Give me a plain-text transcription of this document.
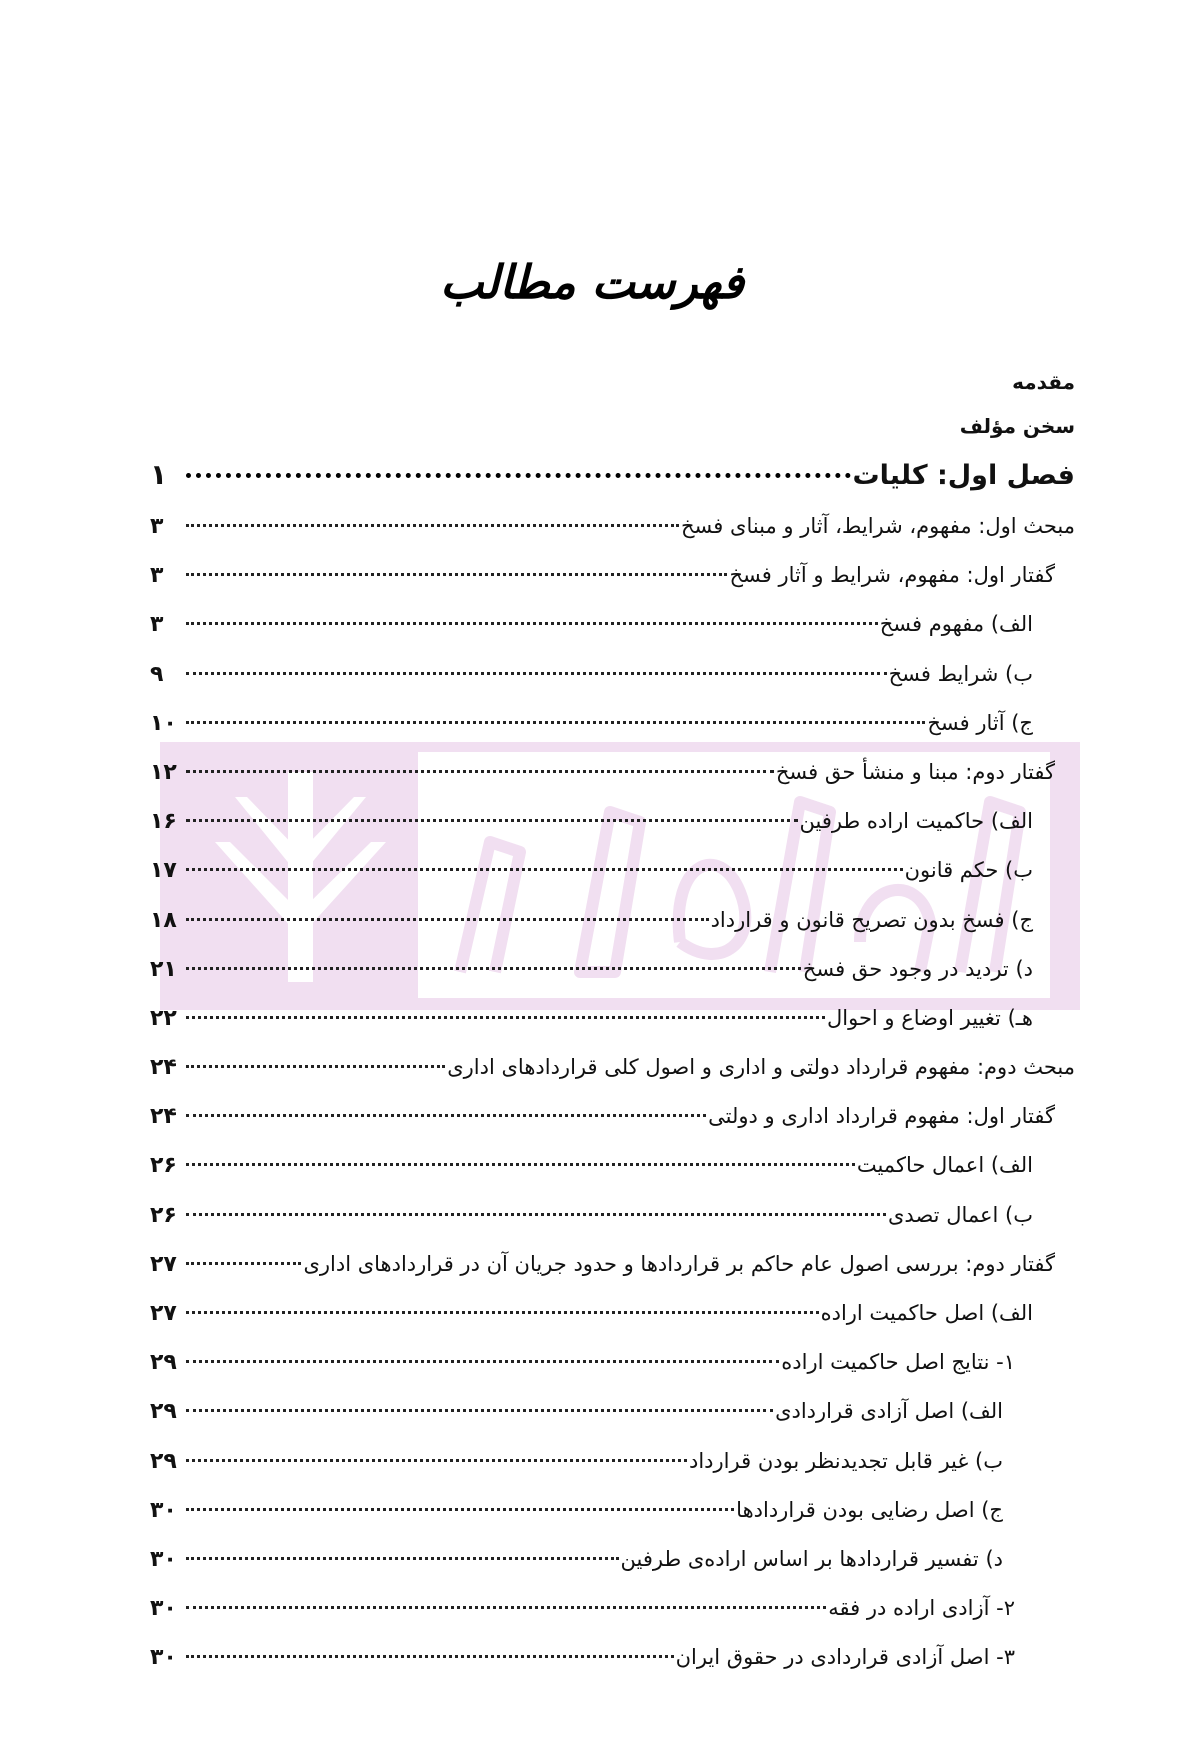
فهرست مطالب
مقدمه
سخن مؤلف
فصل اول: کلیات
۱
مبحث اول: مفهوم، شرایط، آثار و مبنای فسخ
۳
گفتار اول: مفهوم، شرایط و آثار فسخ
۳
الف) مفهوم فسخ
۳
ب) شرایط فسخ
۹
ج) آثار فسخ
۱۰
گفتار دوم: مبنا و منشأ حق فسخ
۱۲
الف) حاکمیت اراده طرفین
۱۶
ب) حکم قانون
۱۷
ج) فسخ بدون تصریح قانون و قرارداد
۱۸
د) تردید در وجود حق فسخ
۲۱
هـ) تغییر اوضاع و احوال
۲۲
مبحث دوم: مفهوم قرارداد دولتی و اداری و اصول کلی قراردادهای اداری
۲۴
گفتار اول: مفهوم قرارداد اداری و دولتی
۲۴
الف) اعمال حاکمیت
۲۶
ب) اعمال تصدی
۲۶
گفتار دوم: بررسی اصول عام حاکم بر قراردادها و حدود جریان آن در قراردادهای اداری
۲۷
الف) اصل حاکمیت اراده
۲۷
۱- نتایج اصل حاکمیت اراده
۲۹
الف) اصل آزادی قراردادی
۲۹
ب) غیر قابل تجدیدنظر بودن قرارداد
۲۹
ج) اصل رضایی بودن قراردادها
۳۰
د) تفسیر قراردادها بر اساس اراده‌ی طرفین
۳۰
۲- آزادی اراده در فقه
۳۰
۳- اصل آزادی قراردادی در حقوق ایران
۳۰
